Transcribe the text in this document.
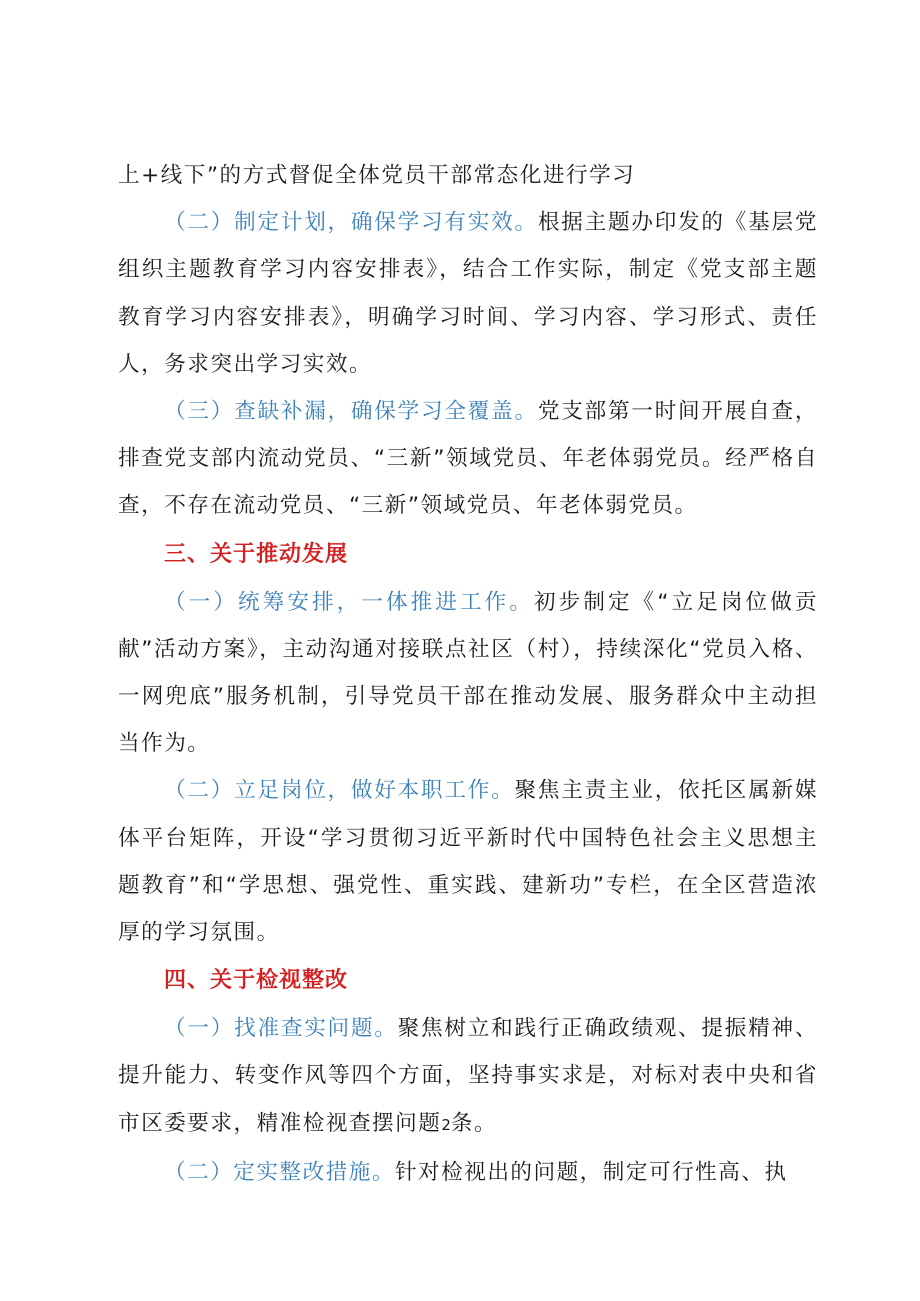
上+线下”的方式督促全体党员干部常态化进行学习

（二）制定计划，确保学习有实效。根据主题办印发的《基层党组织主题教育学习内容安排表》，结合工作实际，制定《党支部主题教育学习内容安排表》，明确学习时间、学习内容、学习形式、责任人，务求突出学习实效。

（三）查缺补漏，确保学习全覆盖。党支部第一时间开展自查，排查党支部内流动党员、“三新”领域党员、年老体弱党员。经严格自查，不存在流动党员、“三新”领域党员、年老体弱党员。

三、关于推动发展

（一）统筹安排，一体推进工作。初步制定《“立足岗位做贡献”活动方案》，主动沟通对接联点社区（村），持续深化“党员入格、一网兜底”服务机制，引导党员干部在推动发展、服务群众中主动担当作为。

（二）立足岗位，做好本职工作。聚焦主责主业，依托区属新媒体平台矩阵，开设“学习贯彻习近平新时代中国特色社会主义思想主题教育”和“学思想、强党性、重实践、建新功”专栏，在全区营造浓厚的学习氛围。

四、关于检视整改

（一）找准查实问题。聚焦树立和践行正确政绩观、提振精神、提升能力、转变作风等四个方面，坚持事实求是，对标对表中央和省市区委要求，精准检视查摆问题2条。

（二）定实整改措施。针对检视出的问题，制定可行性高、执
